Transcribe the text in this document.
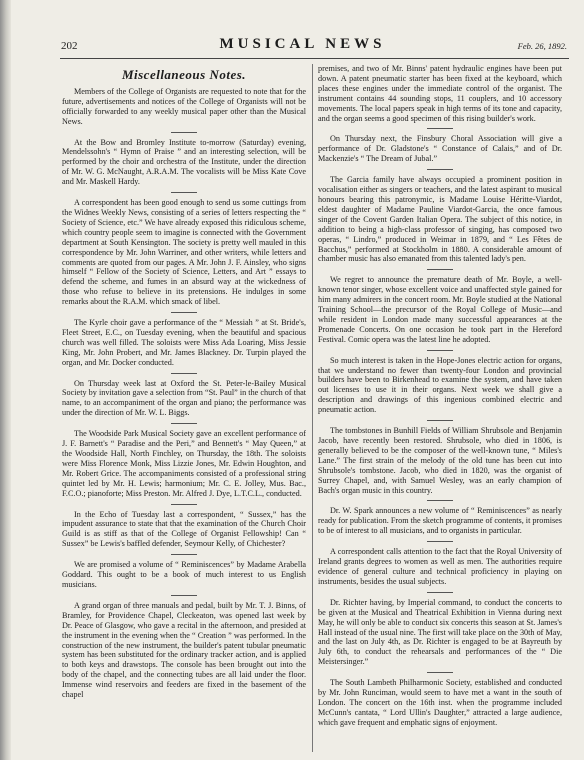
202	MUSICAL NEWS	Feb. 26, 1892.
Miscellaneous Notes.

Members of the College of Organists are requested to note that for the future, advertisements and notices of the College of Organists will not be officially forwarded to any weekly musical paper other than the Musical News.

At the Bow and Bromley Institute to-morrow (Saturday) evening, Mendelssohn's “ Hymn of Praise ” and an interesting selection, will be performed by the choir and orchestra of the Institute, under the direction of Mr. W. G. McNaught, A.R.A.M. The vocalists will be Miss Kate Cove and Mr. Maskell Hardy.

A correspondent has been good enough to send us some cuttings from the Widnes Weekly News, consisting of a series of letters respecting the “ Society of Science, etc.” We have already exposed this ridiculous scheme, which country people seem to imagine is connected with the Government department at South Kensington. The society is pretty well mauled in this correspondence by Mr. John Warriner, and other writers, while letters and comments are quoted from our pages. A Mr. John J. F. Ainsley, who signs himself “ Fellow of the Society of Science, Letters, and Art ” essays to defend the scheme, and fumes in an absurd way at the wickedness of those who refuse to believe in its pretensions. He indulges in some remarks about the R.A.M. which smack of libel.

The Kyrle choir gave a performance of the “ Messiah ” at St. Bride's, Fleet Street, E.C., on Tuesday evening, when the beautiful and spacious church was well filled. The soloists were Miss Ada Loaring, Miss Jessie King, Mr. John Probert, and Mr. James Blackney. Dr. Turpin played the organ, and Mr. Docker conducted.

On Thursday week last at Oxford the St. Peter-le-Bailey Musical Society by invitation gave a selection from “St. Paul” in the church of that name, to an accompaniment of the organ and piano; the performance was under the direction of Mr. W. L. Biggs.

The Woodside Park Musical Society gave an excellent performance of J. F. Barnett's “ Paradise and the Peri,” and Bennett's “ May Queen,” at the Woodside Hall, North Finchley, on Thursday, the 18th. The soloists were Miss Florence Monk, Miss Lizzie Jones, Mr. Edwin Houghton, and Mr. Robert Grice. The accompaniments consisted of a professional string quintet led by Mr. H. Lewis; harmonium; Mr. C. E. Jolley, Mus. Bac., F.C.O.; pianoforte; Miss Preston. Mr. Alfred J. Dye, L.T.C.L., conducted.

In the Echo of Tuesday last a correspondent, “ Sussex,” has the impudent assurance to state that that the examination of the Church Choir Guild is as stiff as that of the College of Organist Fellowship! Can “ Sussex” be Lewis's baffled defender, Seymour Kelly, of Chichester?

We are promised a volume of “ Reminiscences” by Madame Arabella Goddard. This ought to be a book of much interest to us English musicians.

A grand organ of three manuals and pedal, built by Mr. T. J. Binns, of Bramley, for Providence Chapel, Cleckeaton, was opened last week by Dr. Peace of Glasgow, who gave a recital in the afternoon, and presided at the instrument in the evening when the “ Creation ” was performed. In the construction of the new instrument, the builder's patent tubular pneumatic system has been substituted for the ordinary tracker action, and is applied to both keys and drawstops. The console has been brought out into the body of the chapel, and the connecting tubes are all laid under the floor. Immense wind reservoirs and feeders are fixed in the basement of the chapel

premises, and two of Mr. Binns' patent hydraulic engines have been put down. A patent pneumatic starter has been fixed at the keyboard, which places these engines under the immediate control of the organist. The instrument contains 44 sounding stops, 11 couplers, and 10 accessory movements. The local papers speak in high terms of its tone and capacity, and the organ seems a good specimen of this rising builder's work.

On Thursday next, the Finsbury Choral Association will give a performance of Dr. Gladstone's “ Constance of Calais,” and of Dr. Mackenzie's “ The Dream of Jubal.”

The Garcia family have always occupied a prominent position in vocalisation either as singers or teachers, and the latest aspirant to musical honours bearing this patronymic, is Madame Louise Héritte-Viardot, eldest daughter of Madame Pauline Viardot-Garcia, the once famous singer of the Covent Garden Italian Opera. The subject of this notice, in addition to being a high-class professor of singing, has composed two operas, “ Lindro,” produced in Weimar in 1879, and “ Les Fêtes de Bacchus,” performed at Stockholm in 1880. A considerable amount of chamber music has also emanated from this talented lady's pen.

We regret to announce the premature death of Mr. Boyle, a well-known tenor singer, whose excellent voice and unaffected style gained for him many admirers in the concert room. Mr. Boyle studied at the National Training School—the precursor of the Royal College of Music—and while resident in London made many successful appearances at the Promenade Concerts. On one occasion he took part in the Hereford Festival. Comic opera was the latest line he adopted.

So much interest is taken in the Hope-Jones electric action for organs, that we understand no fewer than twenty-four London and provincial builders have been to Birkenhead to examine the system, and have taken out licenses to use it in their organs. Next week we shall give a description and drawings of this ingenious combined electric and pneumatic action.

The tombstones in Bunhill Fields of William Shrubsole and Benjamin Jacob, have recently been restored. Shrubsole, who died in 1806, is generally believed to be the composer of the well-known tune, “ Miles's Lane.” The first strain of the melody of the old tune has been cut into Shrubsole's tombstone. Jacob, who died in 1820, was the organist of Surrey Chapel, and, with Samuel Wesley, was an early champion of Bach's organ music in this country.

Dr. W. Spark announces a new volume of “ Reminiscences” as nearly ready for publication. From the sketch programme of contents, it promises to be of interest to all musicians, and to organists in particular.

A correspondent calls attention to the fact that the Royal University of Ireland grants degrees to women as well as men. The authorities require evidence of general culture and technical proficiency in playing on instruments, besides the usual subjects.

Dr. Richter having, by Imperial command, to conduct the concerts to be given at the Musical and Theatrical Exhibition in Vienna during next May, he will only be able to conduct six concerts this season at St. James's Hall instead of the usual nine. The first will take place on the 30th of May, and the last on July 4th, as Dr. Richter is engaged to be at Bayreuth by July 6th, to conduct the rehearsals and performances of the “ Die Meistersinger.”

The South Lambeth Philharmonic Society, established and conducted by Mr. John Runciman, would seem to have met a want in the south of London. The concert on the 16th inst. when the programme included McCunn's cantata, “ Lord Ullin's Daughter,” attracted a large audience, which gave frequent and emphatic signs of enjoyment.
